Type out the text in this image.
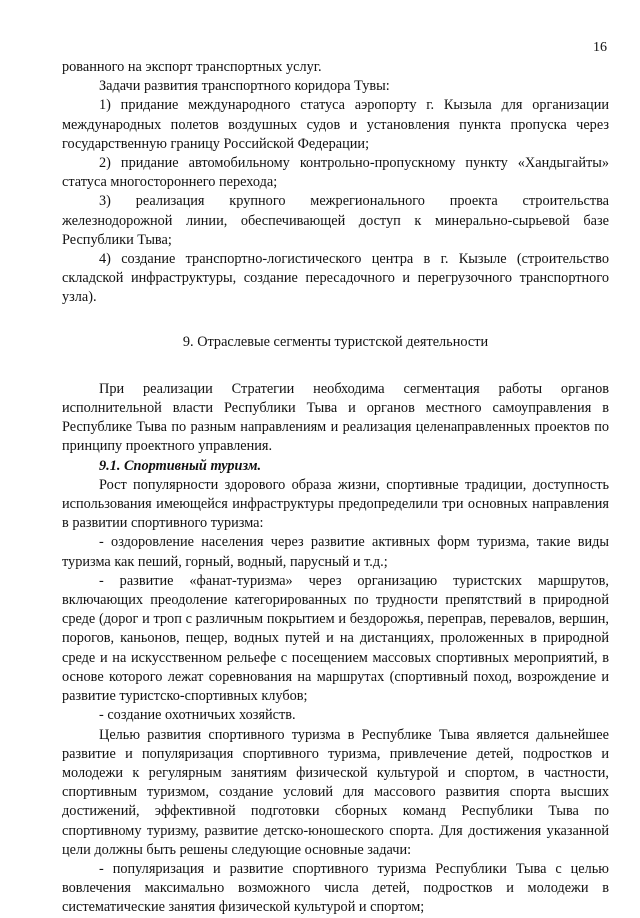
16

рованного на экспорт транспортных услуг.

Задачи развития транспортного коридора Тувы:

1) придание международного статуса аэропорту г. Кызыла для организации международных полетов воздушных судов и установления пункта пропуска через государственную границу Российской Федерации;

2) придание автомобильному контрольно-пропускному пункту «Хандыгайты» статуса многостороннего перехода;

3) реализация крупного межрегионального проекта строительства железнодорожной линии, обеспечивающей доступ к минерально-сырьевой базе Республики Тыва;

4) создание транспортно-логистического центра в г. Кызыле (строительство складской инфраструктуры, создание пересадочного и перегрузочного транспортного узла).

9. Отраслевые сегменты туристской деятельности

При реализации Стратегии необходима сегментация работы органов исполнительной власти Республики Тыва и органов местного самоуправления в Республике Тыва по разным направлениям и реализация целенаправленных проектов по принципу проектного управления.

9.1. Спортивный туризм.

Рост популярности здорового образа жизни, спортивные традиции, доступность использования имеющейся инфраструктуры предопределили три основных направления в развитии спортивного туризма:

- оздоровление населения через развитие активных форм туризма, такие виды туризма как пеший, горный, водный, парусный и т.д.;

- развитие «фанат-туризма» через организацию туристских маршрутов, включающих преодоление категорированных по трудности препятствий в природной среде (дорог и троп с различным покрытием и бездорожья, переправ, перевалов, вершин, порогов, каньонов, пещер, водных путей и на дистанциях, проложенных в природной среде и на искусственном рельефе с посещением массовых спортивных мероприятий, в основе которого лежат соревнования на маршрутах (спортивный поход, возрождение и развитие туристско-спортивных клубов;

- создание охотничьих хозяйств.

Целью развития спортивного туризма в Республике Тыва является дальнейшее развитие и популяризация спортивного туризма, привлечение детей, подростков и молодежи к регулярным занятиям физической культурой и спортом, в частности, спортивным туризмом, создание условий для массового развития спорта высших достижений, эффективной подготовки сборных команд Республики Тыва по спортивному туризму, развитие детско-юношеского спорта. Для достижения указанной цели должны быть решены следующие основные задачи:

- популяризация и развитие спортивного туризма Республики Тыва с целью вовлечения максимально возможного числа детей, подростков и молодежи в систематические занятия физической культурой и спортом;
